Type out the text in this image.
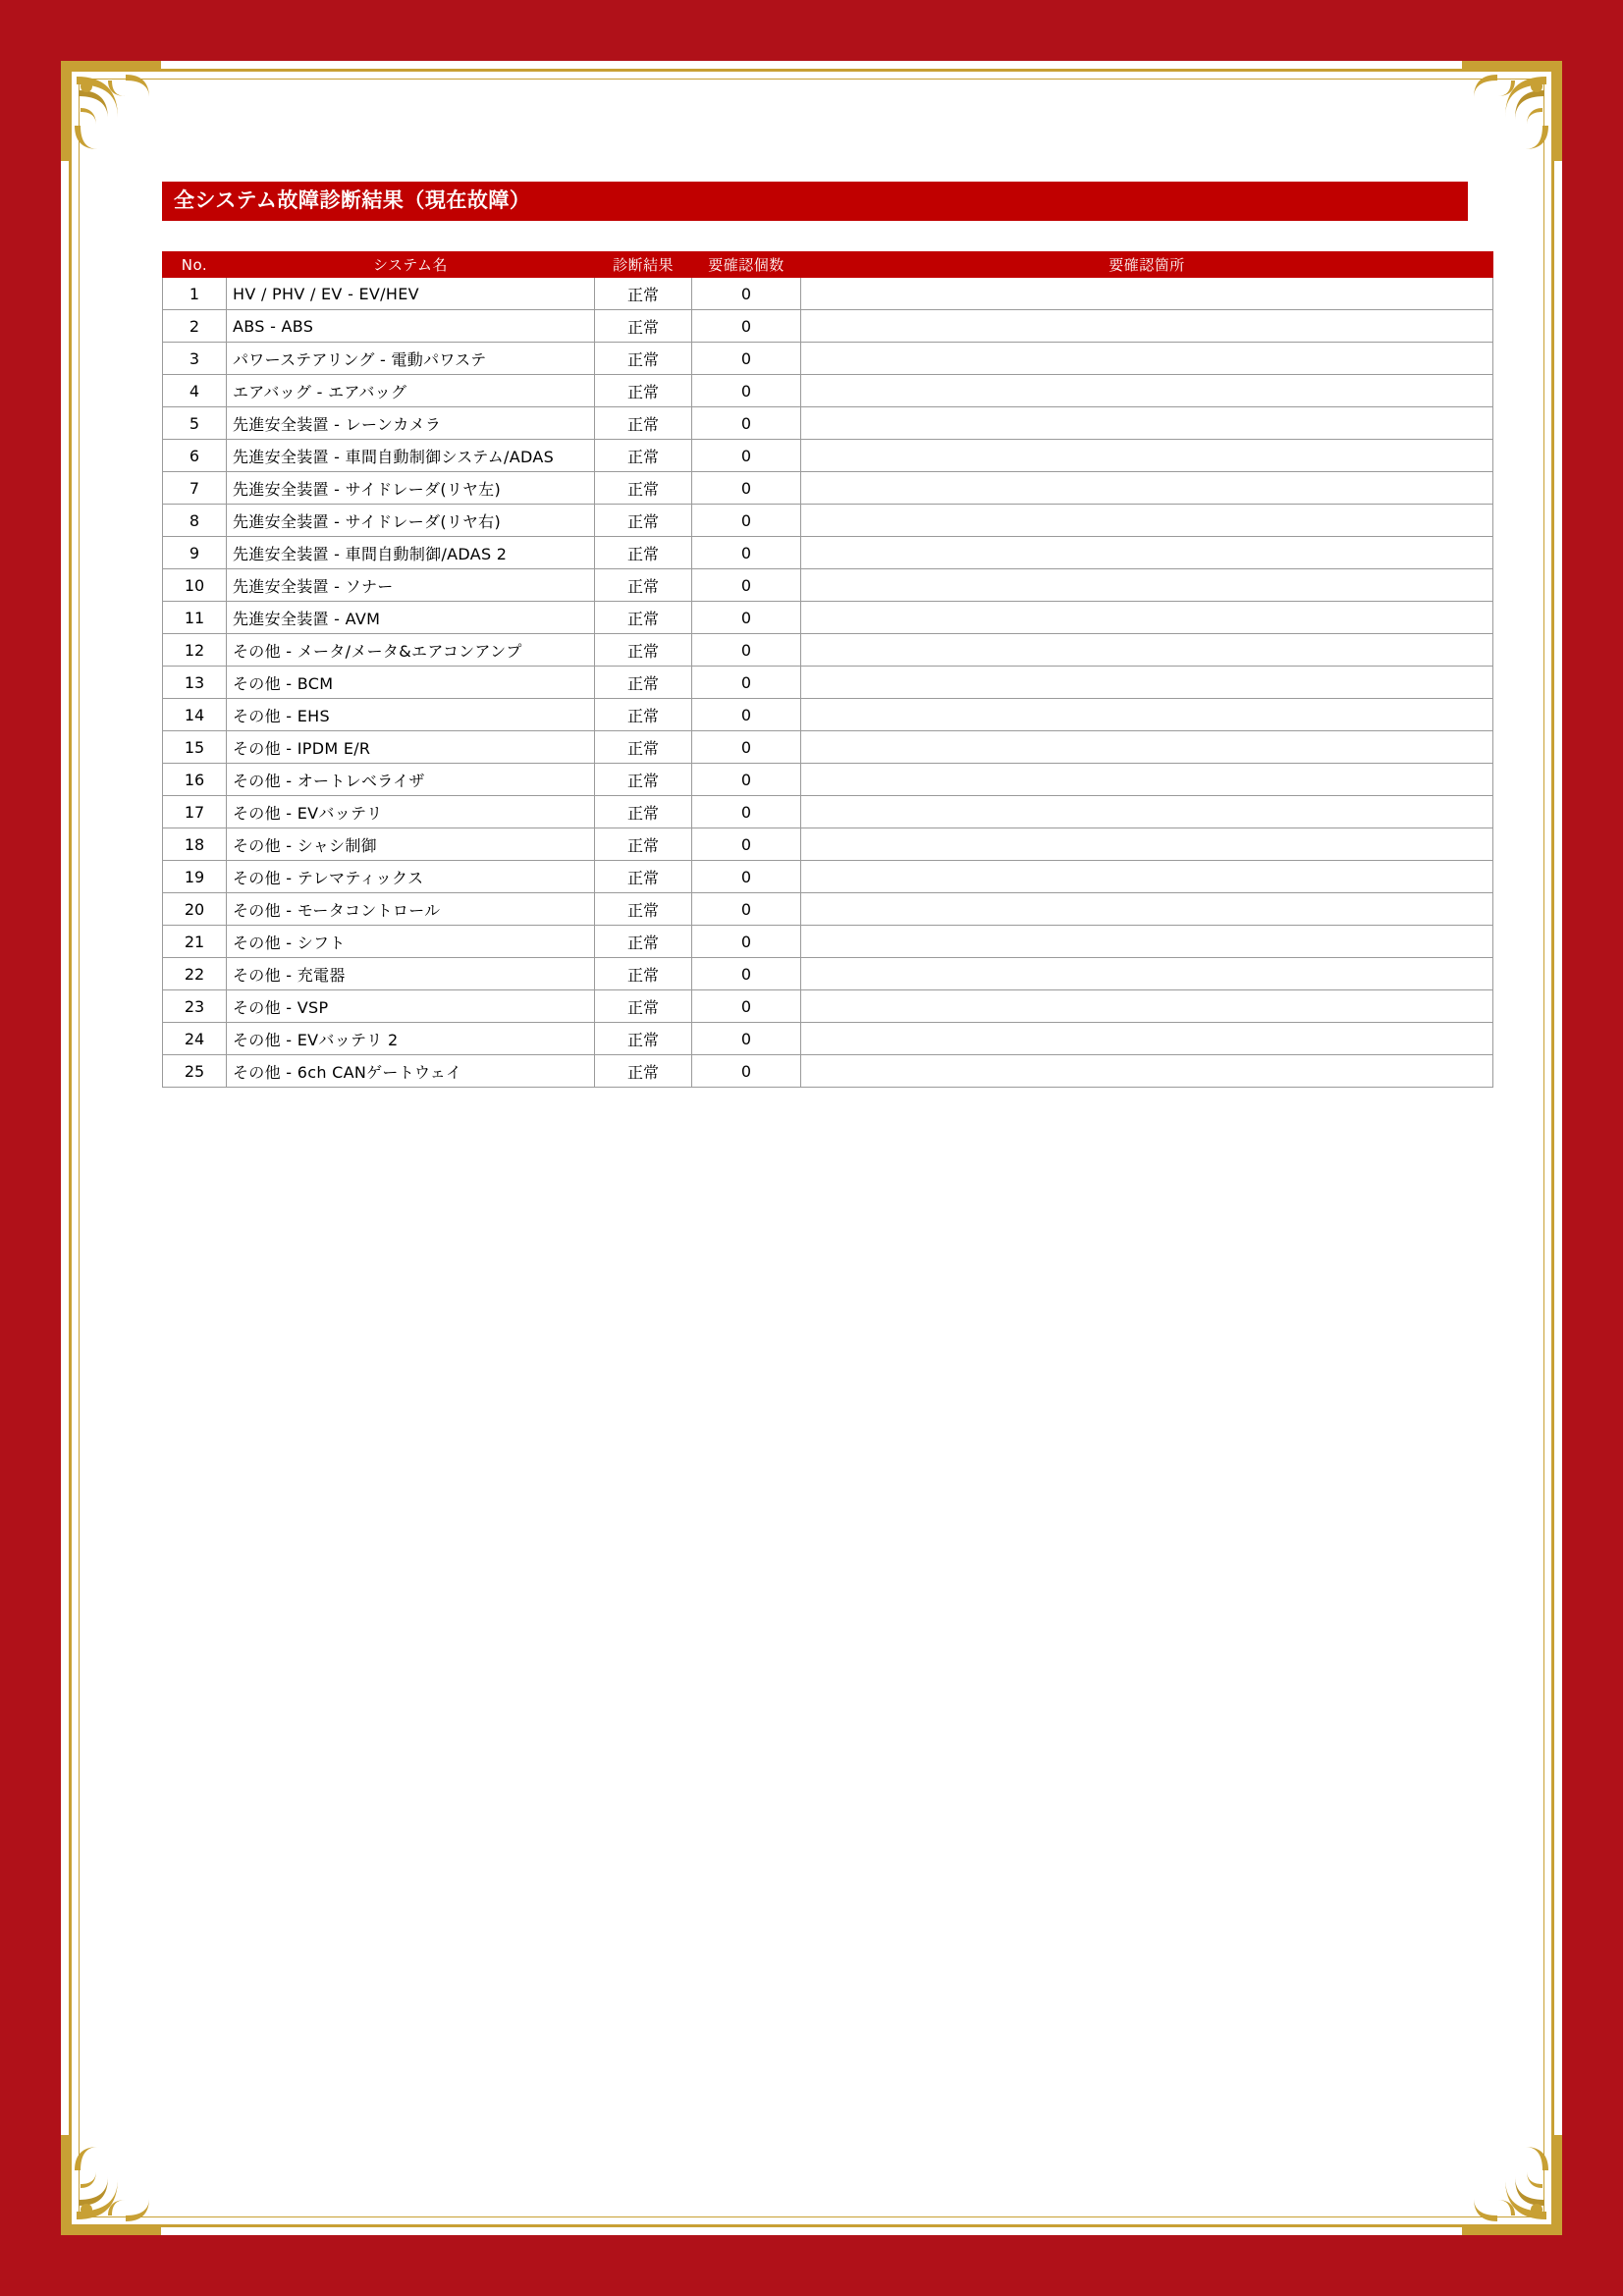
全システム故障診断結果（現在故障）
No.	システム名	診断結果	要確認個数	要確認箇所
1	HV / PHV / EV - EV/HEV	正常	0	
2	ABS - ABS	正常	0	
3	パワーステアリング - 電動パワステ	正常	0	
4	エアバッグ - エアバッグ	正常	0	
5	先進安全装置 - レーンカメラ	正常	0	
6	先進安全装置 - 車間自動制御システム/ADAS	正常	0	
7	先進安全装置 - サイドレーダ(リヤ左)	正常	0	
8	先進安全装置 - サイドレーダ(リヤ右)	正常	0	
9	先進安全装置 - 車間自動制御/ADAS 2	正常	0	
10	先進安全装置 - ソナー	正常	0	
11	先進安全装置 - AVM	正常	0	
12	その他 - メータ/メータ&エアコンアンプ	正常	0	
13	その他 - BCM	正常	0	
14	その他 - EHS	正常	0	
15	その他 - IPDM E/R	正常	0	
16	その他 - オートレベライザ	正常	0	
17	その他 - EVバッテリ	正常	0	
18	その他 - シャシ制御	正常	0	
19	その他 - テレマティックス	正常	0	
20	その他 - モータコントロール	正常	0	
21	その他 - シフト	正常	0	
22	その他 - 充電器	正常	0	
23	その他 - VSP	正常	0	
24	その他 - EVバッテリ 2	正常	0	
25	その他 - 6ch CANゲートウェイ	正常	0	
